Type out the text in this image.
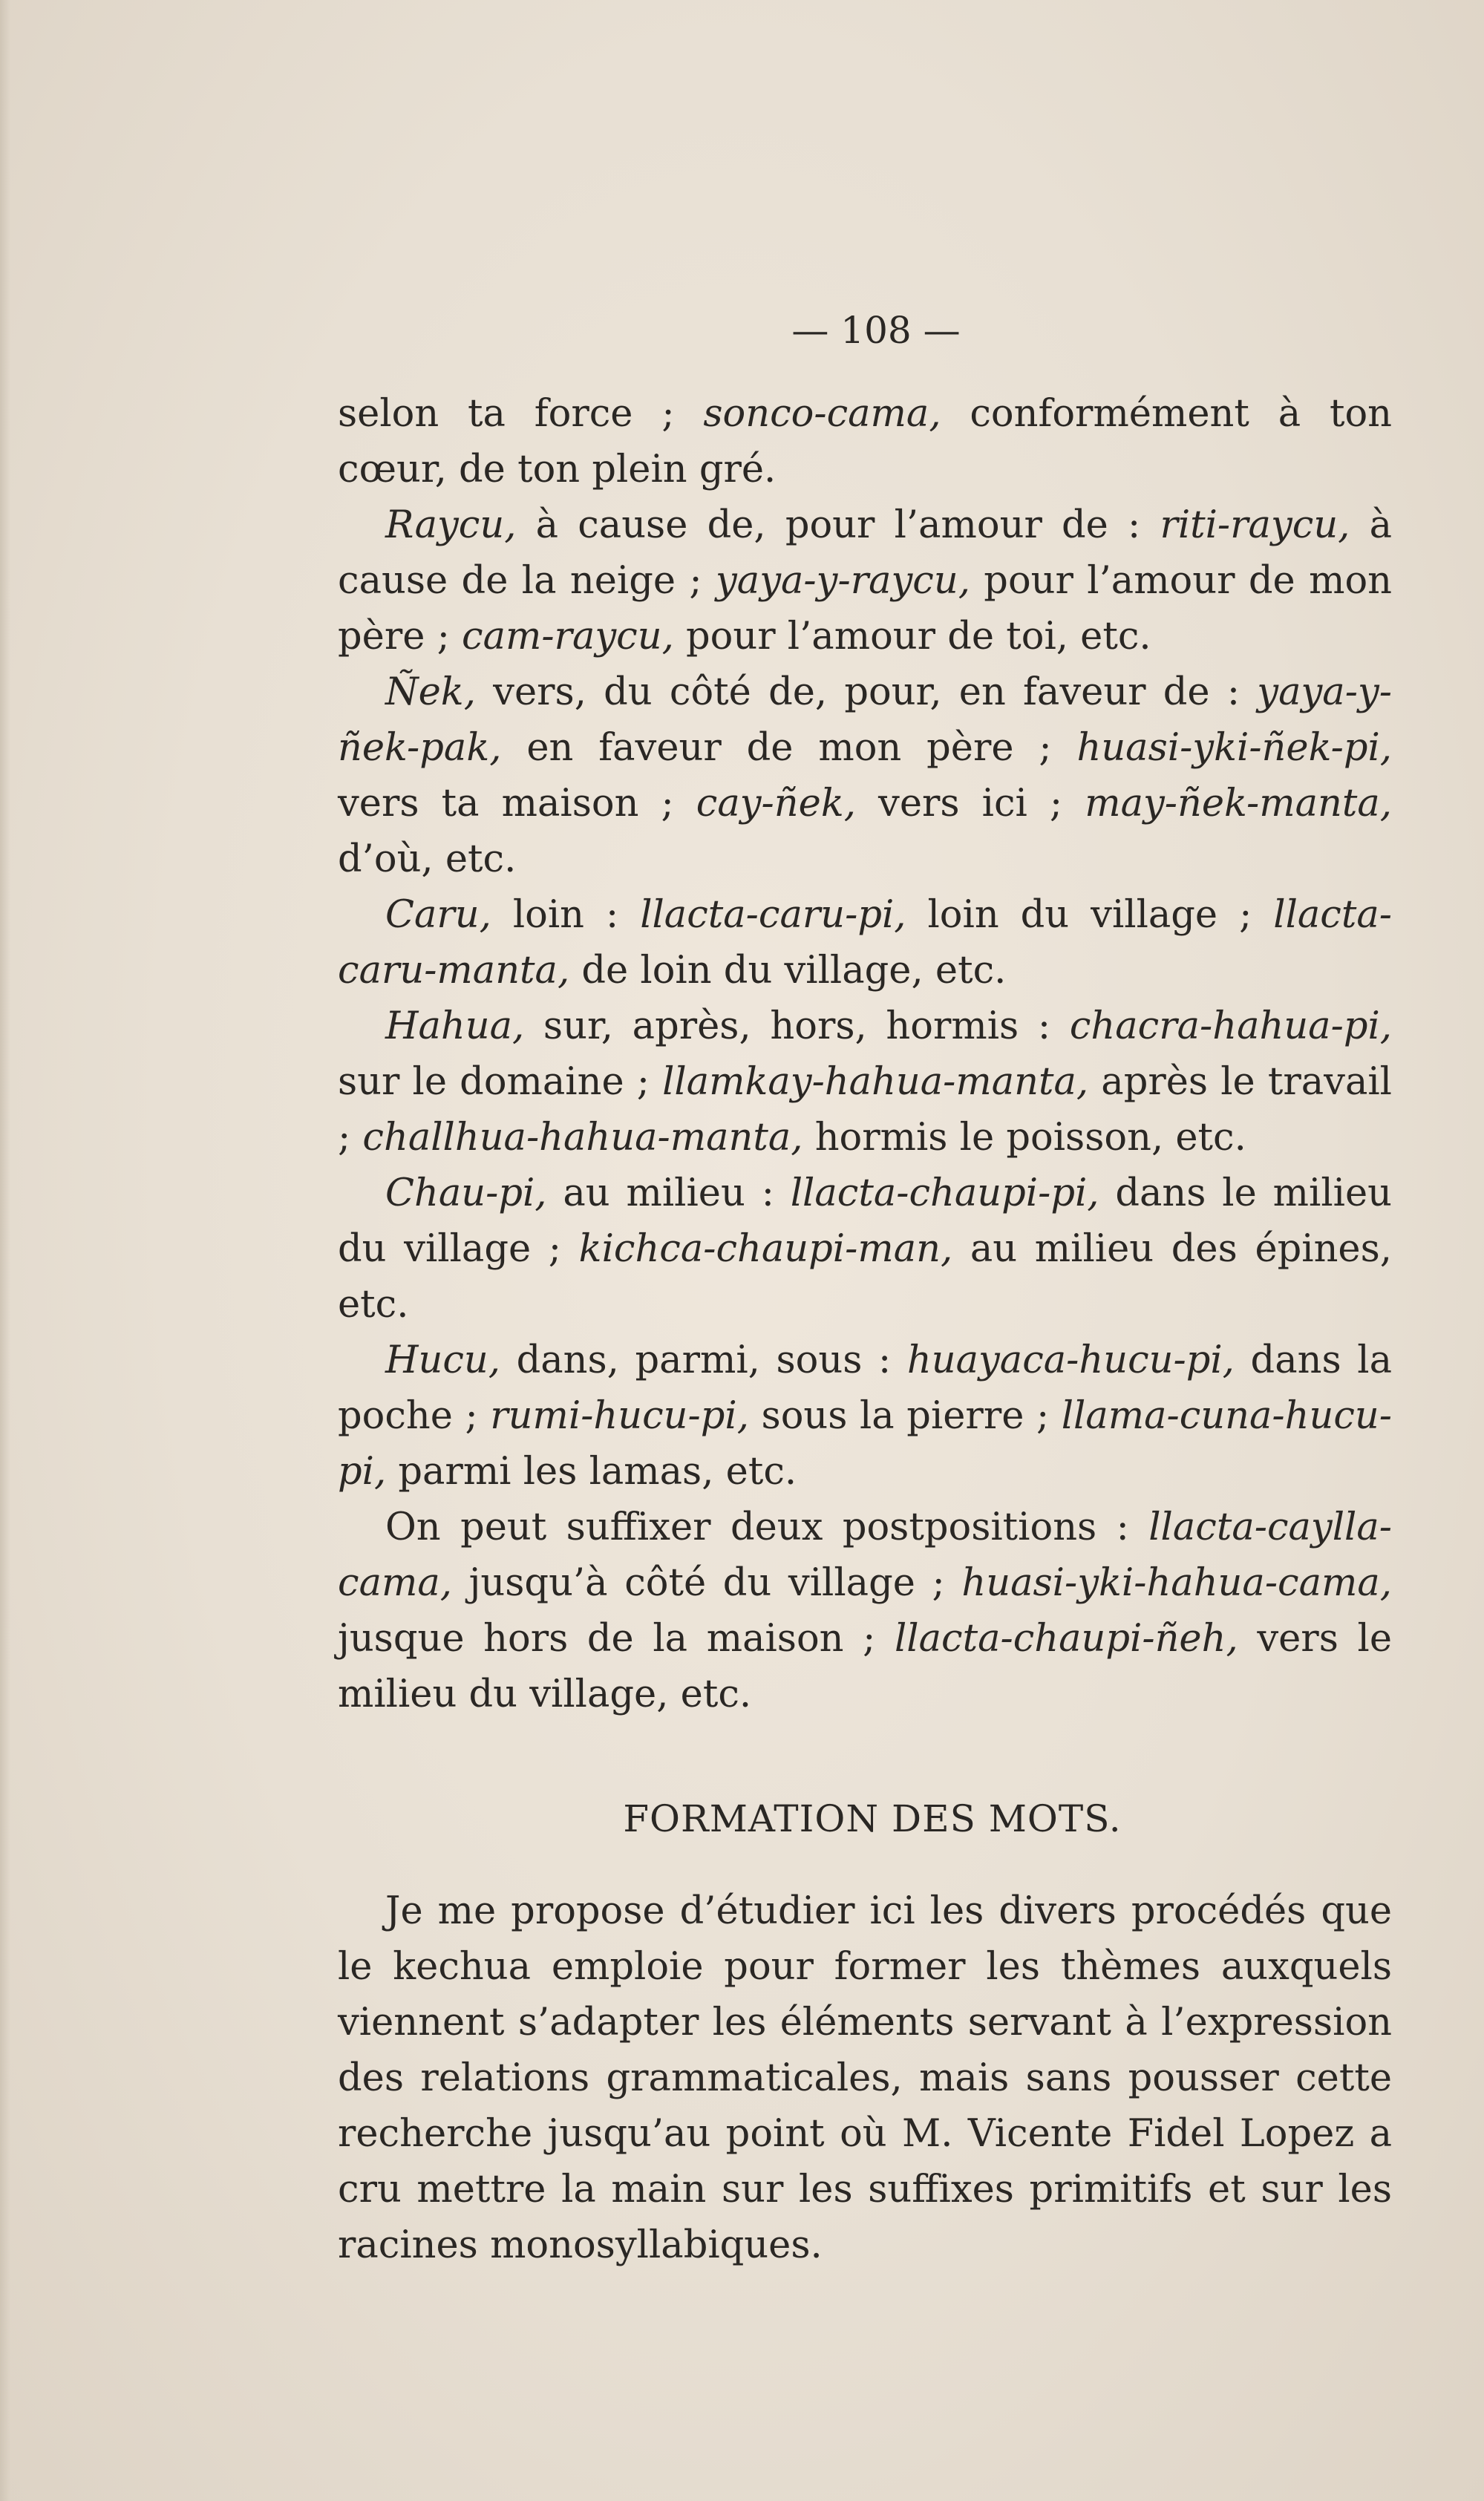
— 108 —

selon ta force ; sonco-cama, conformément à ton cœur, de ton plein gré.

Raycu, à cause de, pour l’amour de : riti-raycu, à cause de la neige ; yaya-y-raycu, pour l’amour de mon père ; cam-raycu, pour l’amour de toi, etc.

Ñek, vers, du côté de, pour, en faveur de : yaya-y-ñek-pak, en faveur de mon père ; huasi-yki-ñek-pi, vers ta maison ; cay-ñek, vers ici ; may-ñek-manta, d’où, etc.

Caru, loin : llacta-caru-pi, loin du village ; llacta-caru-manta, de loin du village, etc.

Hahua, sur, après, hors, hormis : chacra-hahua-pi, sur le domaine ; llamkay-hahua-manta, après le travail ; challhua-hahua-manta, hormis le poisson, etc.

Chau-pi, au milieu : llacta-chaupi-pi, dans le milieu du village ; kichca-chaupi-man, au milieu des épines, etc.

Hucu, dans, parmi, sous : huayaca-hucu-pi, dans la poche ; rumi-hucu-pi, sous la pierre ; llama-cuna-hucu-pi, parmi les lamas, etc.

On peut suffixer deux postpositions : llacta-caylla-cama, jusqu’à côté du village ; huasi-yki-hahua-cama, jusque hors de la maison ; llacta-chaupi-ñeh, vers le milieu du village, etc.

FORMATION DES MOTS.

Je me propose d’étudier ici les divers procédés que le kechua emploie pour former les thèmes auxquels viennent s’adapter les éléments servant à l’expression des relations grammaticales, mais sans pousser cette recherche jusqu’au point où M. Vicente Fidel Lopez a cru mettre la main sur les suffixes primitifs et sur les racines monosyllabiques.
